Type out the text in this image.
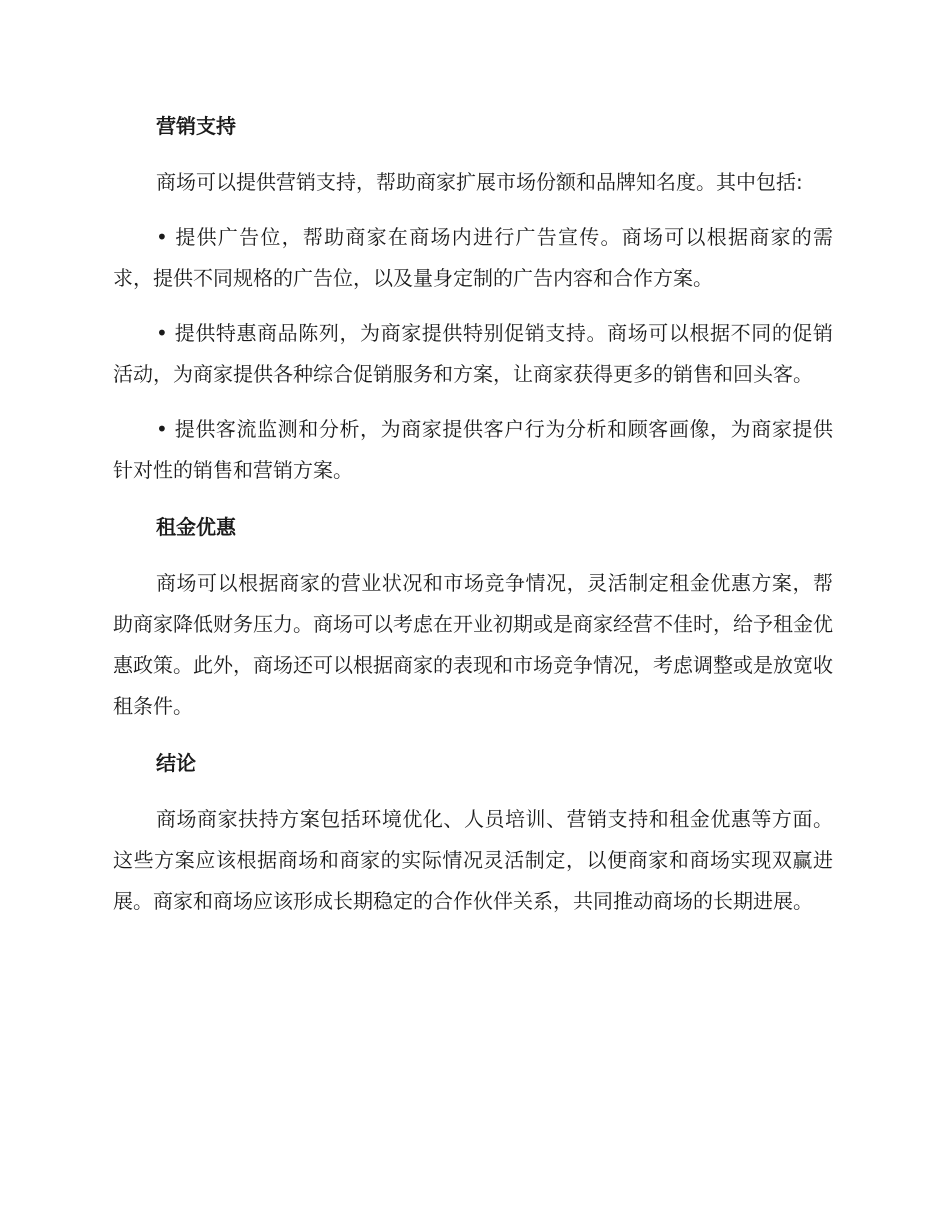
营销支持

商场可以提供营销支持，帮助商家扩展市场份额和品牌知名度。其中包括:

• 提供广告位，帮助商家在商场内进行广告宣传。商场可以根据商家的需求，提供不同规格的广告位，以及量身定制的广告内容和合作方案。

• 提供特惠商品陈列，为商家提供特别促销支持。商场可以根据不同的促销活动，为商家提供各种综合促销服务和方案，让商家获得更多的销售和回头客。

• 提供客流监测和分析，为商家提供客户行为分析和顾客画像，为商家提供针对性的销售和营销方案。

租金优惠

商场可以根据商家的营业状况和市场竞争情况，灵活制定租金优惠方案，帮助商家降低财务压力。商场可以考虑在开业初期或是商家经营不佳时，给予租金优惠政策。此外，商场还可以根据商家的表现和市场竞争情况，考虑调整或是放宽收租条件。

结论

商场商家扶持方案包括环境优化、人员培训、营销支持和租金优惠等方面。这些方案应该根据商场和商家的实际情况灵活制定，以便商家和商场实现双赢进展。商家和商场应该形成长期稳定的合作伙伴关系，共同推动商场的长期进展。
